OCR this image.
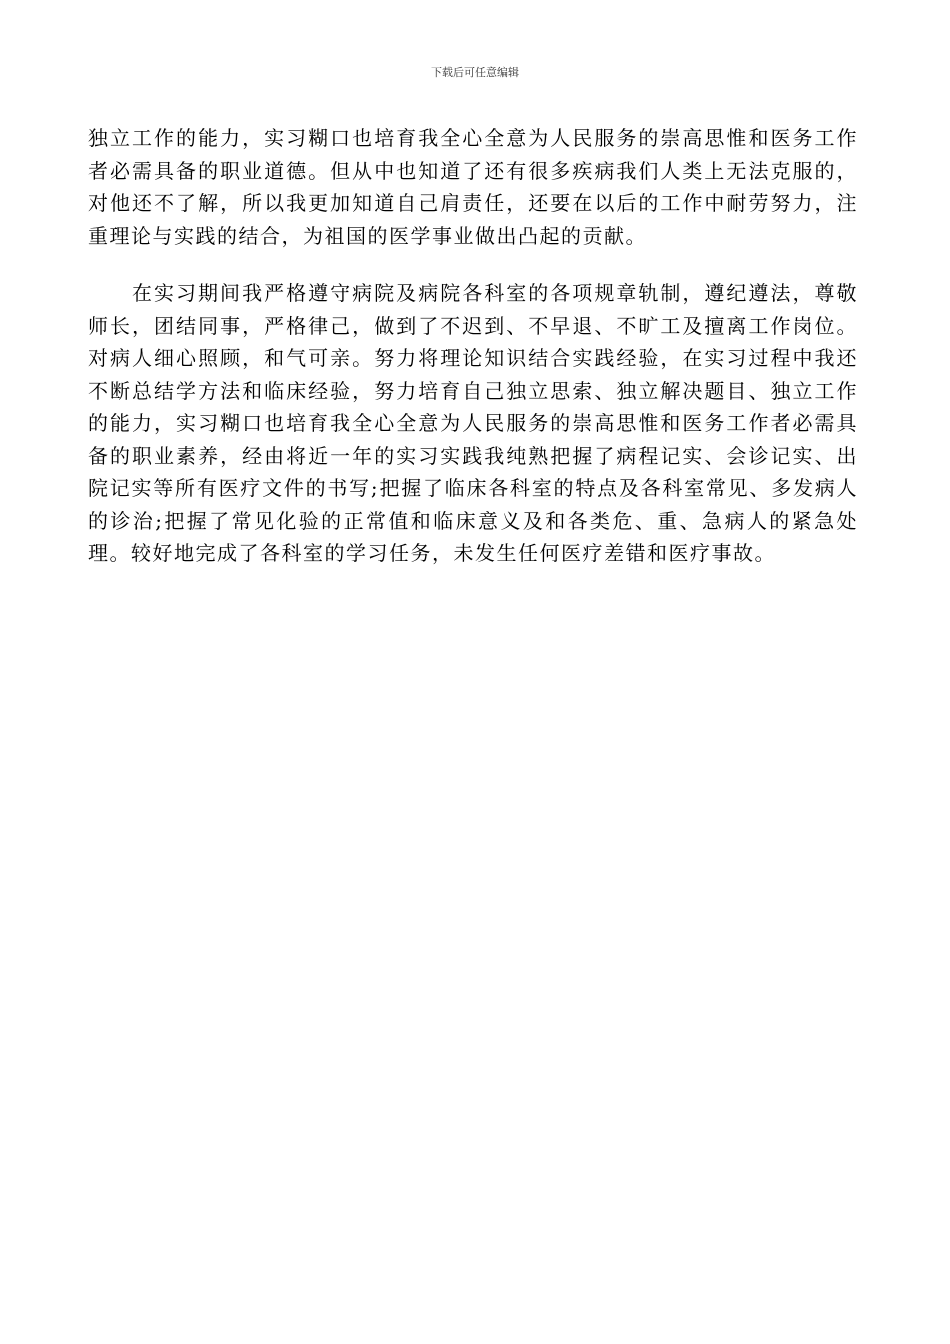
下载后可任意编辑

独立工作的能力，实习糊口也培育我全心全意为人民服务的崇高思惟和医务工作者必需具备的职业道德。但从中也知道了还有很多疾病我们人类上无法克服的，对他还不了解，所以我更加知道自己肩责任，还要在以后的工作中耐劳努力，注重理论与实践的结合，为祖国的医学事业做出凸起的贡献。

在实习期间我严格遵守病院及病院各科室的各项规章轨制，遵纪遵法，尊敬师长，团结同事，严格律己，做到了不迟到、不早退、不旷工及擅离工作岗位。对病人细心照顾，和气可亲。努力将理论知识结合实践经验，在实习过程中我还不断总结学方法和临床经验，努力培育自己独立思索、独立解决题目、独立工作的能力，实习糊口也培育我全心全意为人民服务的崇高思惟和医务工作者必需具备的职业素养，经由将近一年的实习实践我纯熟把握了病程记实、会诊记实、出院记实等所有医疗文件的书写;把握了临床各科室的特点及各科室常见、多发病人的诊治;把握了常见化验的正常值和临床意义及和各类危、重、急病人的紧急处理。较好地完成了各科室的学习任务，未发生任何医疗差错和医疗事故。
